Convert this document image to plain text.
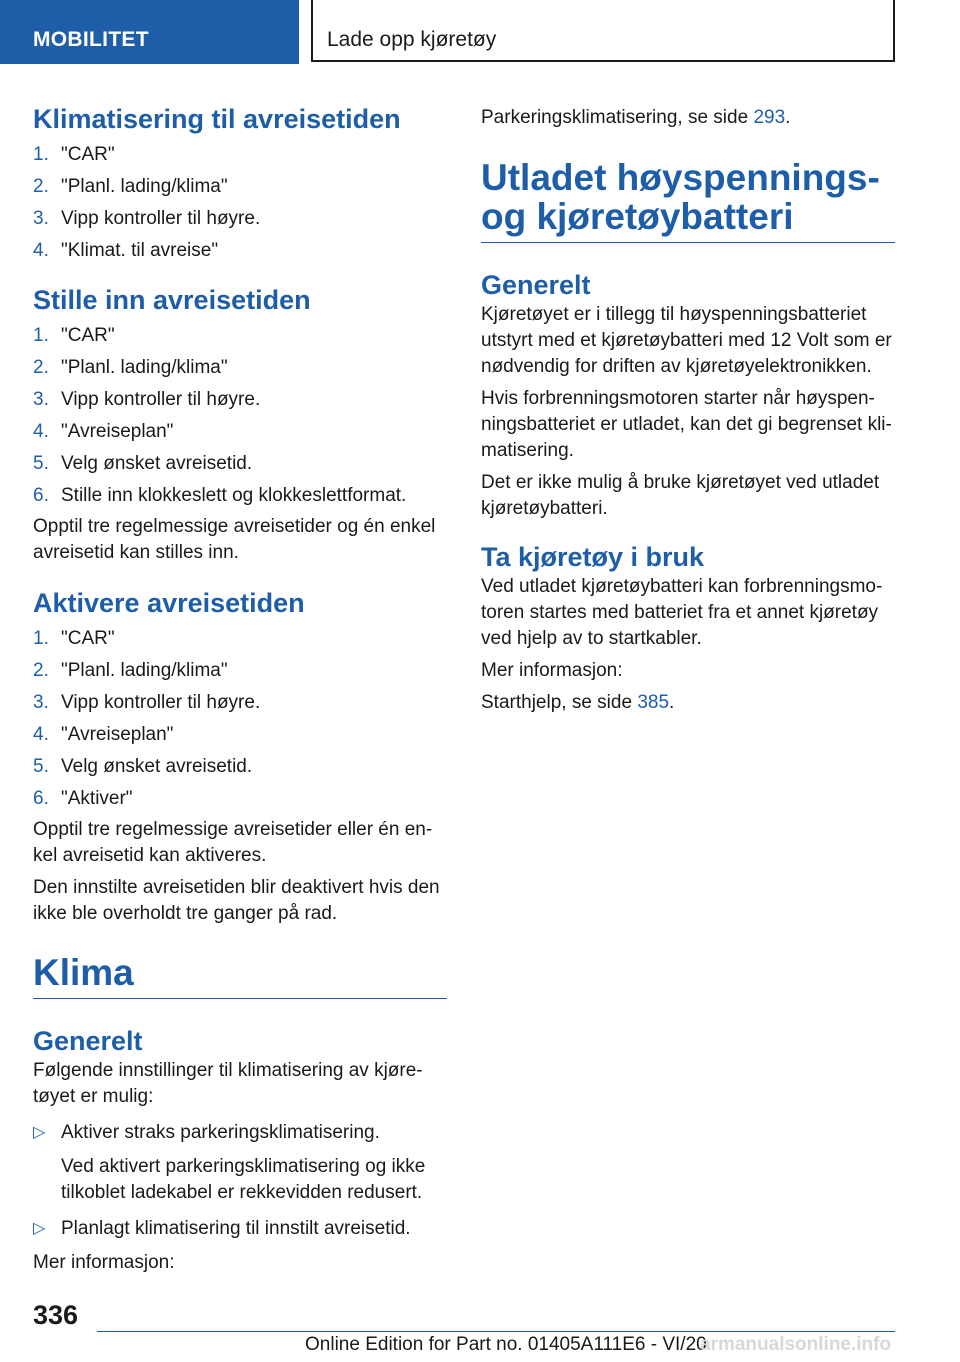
MOBILITET	Lade opp kjøretøy
Klimatisering til avreisetiden
1. "CAR"
2. "Planl. lading/klima"
3. Vipp kontroller til høyre.
4. "Klimat. til avreise"
Stille inn avreisetiden
1. "CAR"
2. "Planl. lading/klima"
3. Vipp kontroller til høyre.
4. "Avreiseplan"
5. Velg ønsket avreisetid.
6. Stille inn klokkeslett og klokkeslettformat.

Opptil tre regelmessige avreisetider og én enkel avreisetid kan stilles inn.

Aktivere avreisetiden
1. "CAR"
2. "Planl. lading/klima"
3. Vipp kontroller til høyre.
4. "Avreiseplan"
5. Velg ønsket avreisetid.
6. "Aktiver"

Opptil tre regelmessige avreisetider eller én en-kel avreisetid kan aktiveres.

Den innstilte avreisetiden blir deaktivert hvis den ikke ble overholdt tre ganger på rad.

Klima
Generelt

Følgende innstillinger til klimatisering av kjøre-tøyet er mulig:

▷ Aktiver straks parkeringsklimatisering.
Ved aktivert parkeringsklimatisering og ikke tilkoblet ladekabel er rekkevidden redusert.
▷ Planlagt klimatisering til innstilt avreisetid.

Mer informasjon:

Parkeringsklimatisering, se side 293.

Utladet høyspennings- og kjøretøybatteri
Generelt

Kjøretøyet er i tillegg til høyspenningsbatteriet utstyrt med et kjøretøybatteri med 12 Volt som er nødvendig for driften av kjøretøyelektronikken.

Hvis forbrenningsmotoren starter når høyspen-ningsbatteriet er utladet, kan det gi begrenset kli-matisering.

Det er ikke mulig å bruke kjøretøyet ved utladet kjøretøybatteri.

Ta kjøretøy i bruk

Ved utladet kjøretøybatteri kan forbrenningsmo-toren startes med batteriet fra et annet kjøretøy ved hjelp av to startkabler.

Mer informasjon:

Starthjelp, se side 385.

336
Online Edition for Part no. 01405A111E6 - VI/20
armanualsonline.info
